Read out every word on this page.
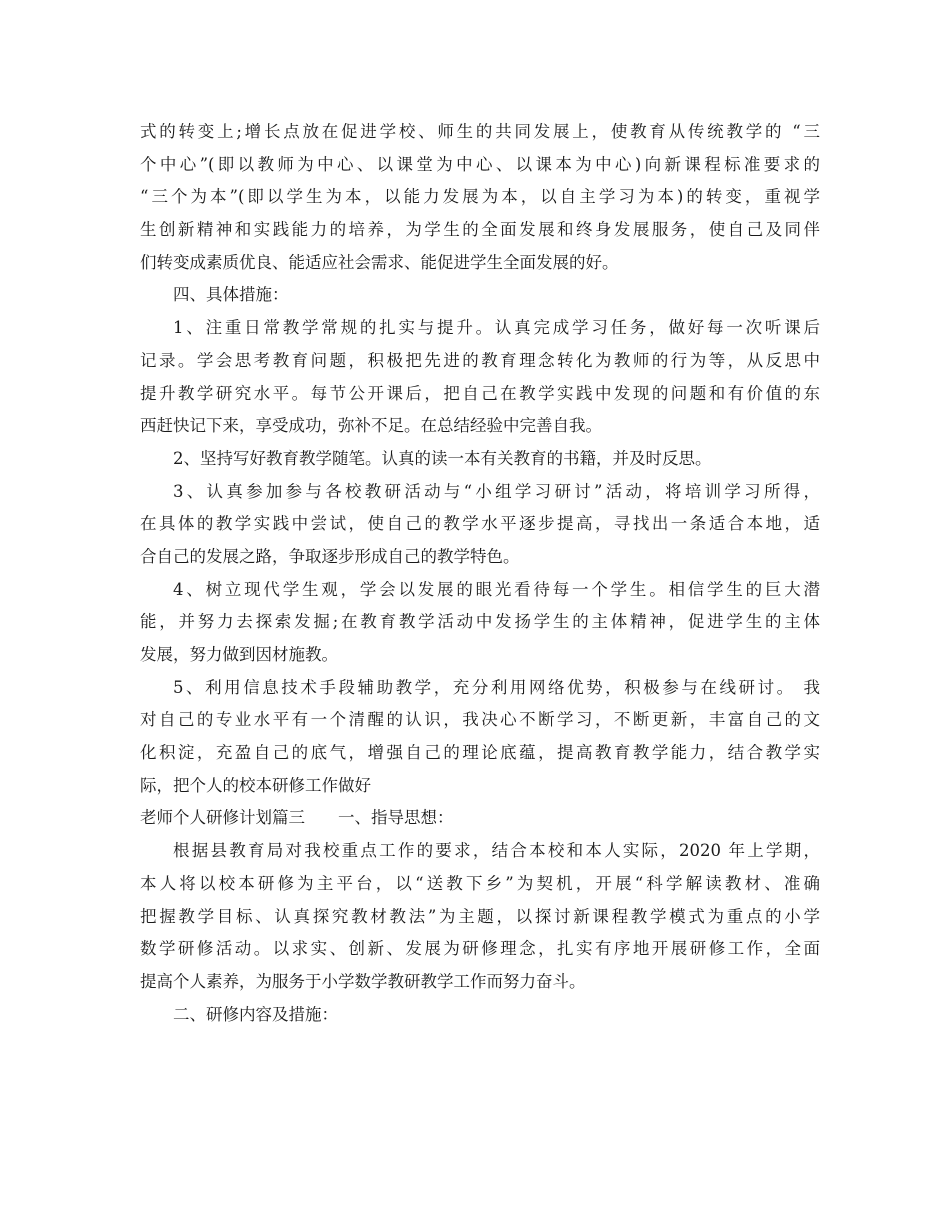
式的转变上;增长点放在促进学校、师生的共同发展上，使教育从传统教学的 “三
个中心”(即以教师为中心、以课堂为中心、以课本为中心)向新课程标准要求的
“三个为本”(即以学生为本，以能力发展为本，以自主学习为本)的转变，重视学
生创新精神和实践能力的培养，为学生的全面发展和终身发展服务，使自己及同伴
们转变成素质优良、能适应社会需求、能促进学生全面发展的好。
四、具体措施：
1、注重日常教学常规的扎实与提升。认真完成学习任务，做好每一次听课后
记录。学会思考教育问题，积极把先进的教育理念转化为教师的行为等，从反思中
提升教学研究水平。每节公开课后，把自己在教学实践中发现的问题和有价值的东
西赶快记下来，享受成功，弥补不足。在总结经验中完善自我。
2、坚持写好教育教学随笔。认真的读一本有关教育的书籍，并及时反思。
3、认真参加参与各校教研活动与“小组学习研讨”活动，将培训学习所得，
在具体的教学实践中尝试，使自己的教学水平逐步提高，寻找出一条适合本地，适
合自己的发展之路，争取逐步形成自己的教学特色。
4、树立现代学生观，学会以发展的眼光看待每一个学生。相信学生的巨大潜
能，并努力去探索发掘;在教育教学活动中发扬学生的主体精神，促进学生的主体
发展，努力做到因材施教。
5、利用信息技术手段辅助教学，充分利用网络优势，积极参与在线研讨。 我
对自己的专业水平有一个清醒的认识，我决心不断学习，不断更新，丰富自己的文
化积淀，充盈自己的底气，增强自己的理论底蕴，提高教育教学能力，结合教学实
际，把个人的校本研修工作做好
老师个人研修计划篇三　　一、指导思想：
根据县教育局对我校重点工作的要求，结合本校和本人实际，2020 年上学期，
本人将以校本研修为主平台，以“送教下乡”为契机，开展“科学解读教材、准确
把握教学目标、认真探究教材教法”为主题，以探讨新课程教学模式为重点的小学
数学研修活动。以求实、创新、发展为研修理念，扎实有序地开展研修工作，全面
提高个人素养，为服务于小学数学教研教学工作而努力奋斗。
二、研修内容及措施：
